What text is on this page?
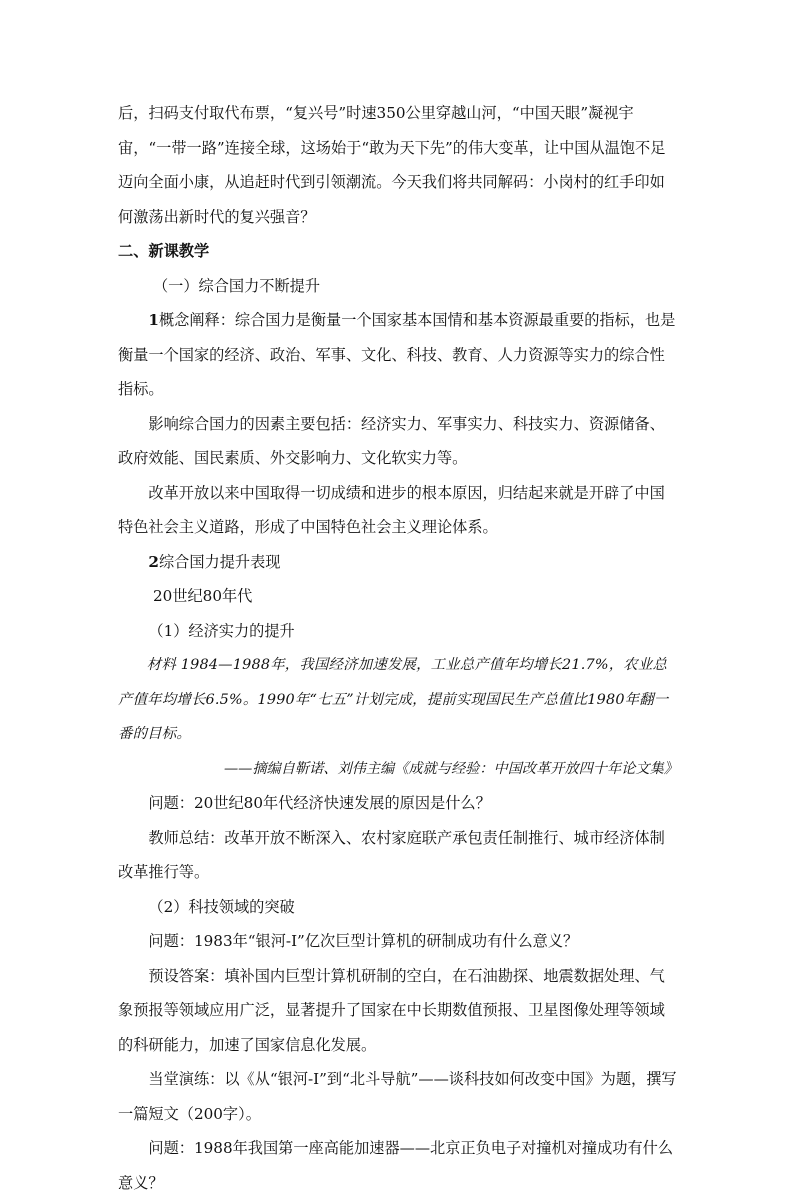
后，扫码支付取代布票，“复兴号”时速350公里穿越山河，“中国天眼”凝视宇宙，“一带一路”连接全球，这场始于“敢为天下先”的伟大变革，让中国从温饱不足迈向全面小康，从追赶时代到引领潮流。今天我们将共同解码：小岗村的红手印如何激荡出新时代的复兴强音？

二、新课教学

（一）综合国力不断提升

1概念阐释：综合国力是衡量一个国家基本国情和基本资源最重要的指标，也是衡量一个国家的经济、政治、军事、文化、科技、教育、人力资源等实力的综合性指标。

影响综合国力的因素主要包括：经济实力、军事实力、科技实力、资源储备、政府效能、国民素质、外交影响力、文化软实力等。

改革开放以来中国取得一切成绩和进步的根本原因，归结起来就是开辟了中国特色社会主义道路，形成了中国特色社会主义理论体系。

2综合国力提升表现

20世纪80年代

（1）经济实力的提升

材料 1984—1988年，我国经济加速发展，工业总产值年均增长21.7%，农业总产值年均增长6.5%。1990年“七五”计划完成，提前实现国民生产总值比1980年翻一番的目标。

——摘编自靳诺、刘伟主编《成就与经验：中国改革开放四十年论文集》

问题：20世纪80年代经济快速发展的原因是什么？

教师总结：改革开放不断深入、农村家庭联产承包责任制推行、城市经济体制改革推行等。

（2）科技领域的突破

问题：1983年“银河-I”亿次巨型计算机的研制成功有什么意义？

预设答案：填补国内巨型计算机研制的空白，在石油勘探、地震数据处理、气象预报等领域应用广泛，显著提升了国家在中长期数值预报、卫星图像处理等领域的科研能力，加速了国家信息化发展。

当堂演练：以《从“银河-I”到“北斗导航”——谈科技如何改变中国》为题，撰写一篇短文（200字）。

问题：1988年我国第一座高能加速器——北京正负电子对撞机对撞成功有什么意义？
